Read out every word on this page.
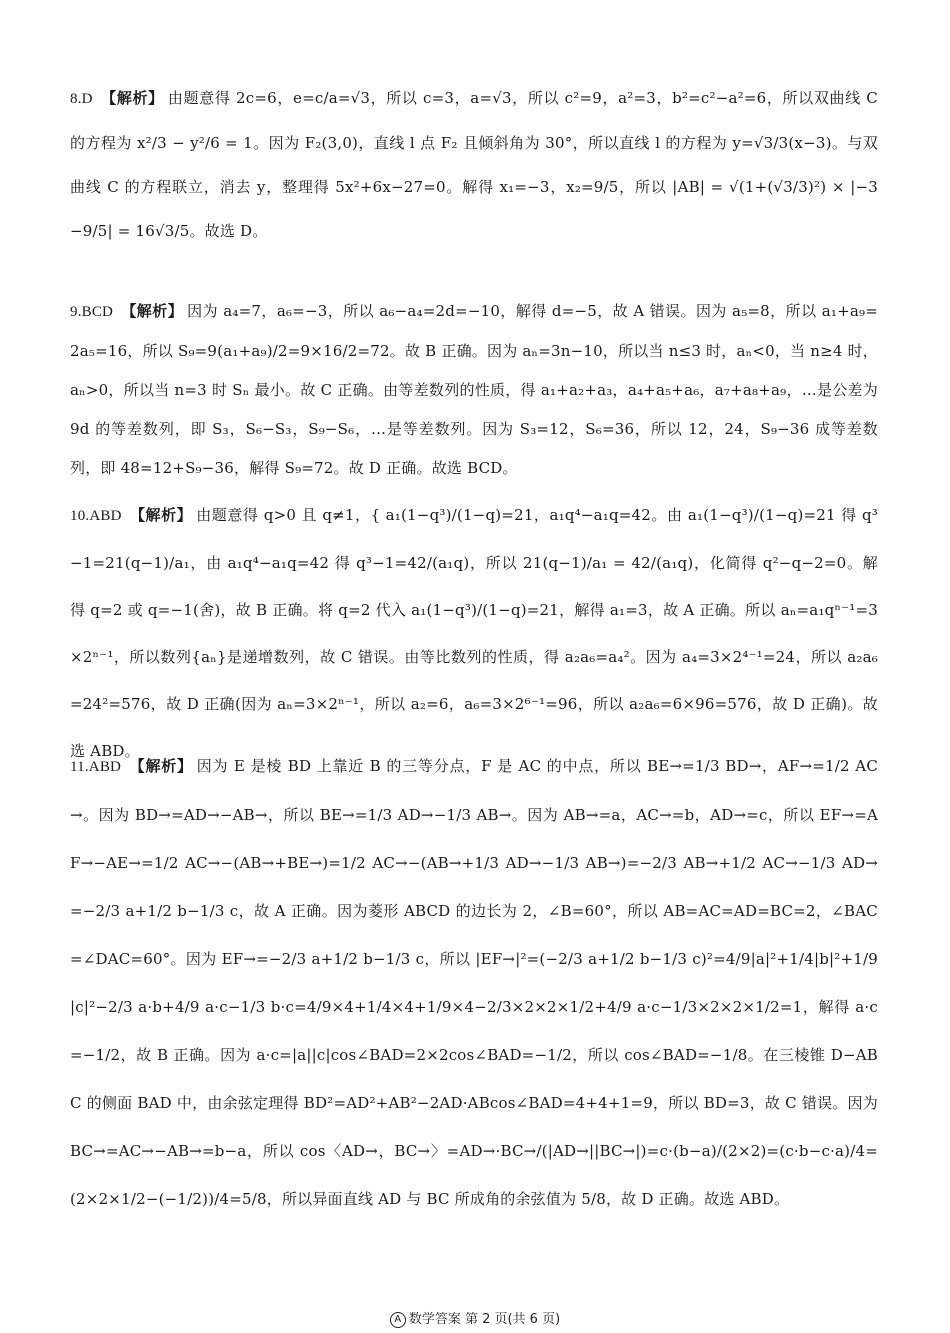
8.D 【解析】 由题意得 2c=6，e=c/a=√3，所以 c=3，a=√3，所以 c²=9，a²=3，b²=c²−a²=6，所以双曲线 C 的方程为 x²/3 − y²/6 = 1。因为 F₂(3,0)，直线 l 点 F₂ 且倾斜角为 30°，所以直线 l 的方程为 y=√3/3(x−3)。与双曲线 C 的方程联立，消去 y，整理得 5x²+6x−27=0。解得 x₁=−3，x₂=9/5，所以 |AB| = √(1+(√3/3)²) × |−3−9/5| = 16√3/5。故选 D。
9.BCD 【解析】 因为 a₄=7，a₆=−3，所以 a₆−a₄=2d=−10，解得 d=−5，故 A 错误。因为 a₅=8，所以 a₁+a₉=2a₅=16，所以 S₉=9(a₁+a₉)/2=9×16/2=72。故 B 正确。因为 aₙ=3n−10，所以当 n≤3 时，aₙ<0，当 n≥4 时，aₙ>0，所以当 n=3 时 Sₙ 最小。故 C 正确。由等差数列的性质，得 a₁+a₂+a₃，a₄+a₅+a₆，a₇+a₈+a₉，…是公差为 9d 的等差数列，即 S₃，S₆−S₃，S₉−S₆，…是等差数列。因为 S₃=12，S₆=36，所以 12，24，S₉−36 成等差数列，即 48=12+S₉−36，解得 S₉=72。故 D 正确。故选 BCD。
10.ABD 【解析】 由题意得 q>0 且 q≠1，{ a₁(1−q³)/(1−q)=21，a₁q⁴−a₁q=42。由 a₁(1−q³)/(1−q)=21 得 q³−1=21(q−1)/a₁，由 a₁q⁴−a₁q=42 得 q³−1=42/(a₁q)，所以 21(q−1)/a₁ = 42/(a₁q)，化简得 q²−q−2=0。解得 q=2 或 q=−1(舍)，故 B 正确。将 q=2 代入 a₁(1−q³)/(1−q)=21，解得 a₁=3，故 A 正确。所以 aₙ=a₁qⁿ⁻¹=3×2ⁿ⁻¹，所以数列{aₙ}是递增数列，故 C 错误。由等比数列的性质，得 a₂a₆=a₄²。因为 a₄=3×2⁴⁻¹=24，所以 a₂a₆=24²=576，故 D 正确(因为 aₙ=3×2ⁿ⁻¹，所以 a₂=6，a₆=3×2⁶⁻¹=96，所以 a₂a₆=6×96=576，故 D 正确)。故选 ABD。
11.ABD 【解析】 因为 E 是棱 BD 上靠近 B 的三等分点，F 是 AC 的中点，所以 BE→=1/3 BD→，AF→=1/2 AC→。因为 BD→=AD→−AB→，所以 BE→=1/3 AD→−1/3 AB→。因为 AB→=a，AC→=b，AD→=c，所以 EF→=AF→−AE→=1/2 AC→−(AB→+BE→)=1/2 AC→−(AB→+1/3 AD→−1/3 AB→)=−2/3 AB→+1/2 AC→−1/3 AD→=−2/3 a+1/2 b−1/3 c，故 A 正确。因为菱形 ABCD 的边长为 2，∠B=60°，所以 AB=AC=AD=BC=2，∠BAC=∠DAC=60°。因为 EF→=−2/3 a+1/2 b−1/3 c，所以 |EF→|²=(−2/3 a+1/2 b−1/3 c)²=4/9|a|²+1/4|b|²+1/9|c|²−2/3 a·b+4/9 a·c−1/3 b·c=4/9×4+1/4×4+1/9×4−2/3×2×2×1/2+4/9 a·c−1/3×2×2×1/2=1，解得 a·c=−1/2，故 B 正确。因为 a·c=|a||c|cos∠BAD=2×2cos∠BAD=−1/2，所以 cos∠BAD=−1/8。在三棱锥 D−ABC 的侧面 BAD 中，由余弦定理得 BD²=AD²+AB²−2AD·ABcos∠BAD=4+4+1=9，所以 BD=3，故 C 错误。因为 BC→=AC→−AB→=b−a，所以 cos〈AD→，BC→〉=AD→·BC→/(|AD→||BC→|)=c·(b−a)/(2×2)=(c·b−c·a)/4=(2×2×1/2−(−1/2))/4=5/8，所以异面直线 AD 与 BC 所成角的余弦值为 5/8，故 D 正确。故选 ABD。
A 数学答案 第 2 页(共 6 页)
